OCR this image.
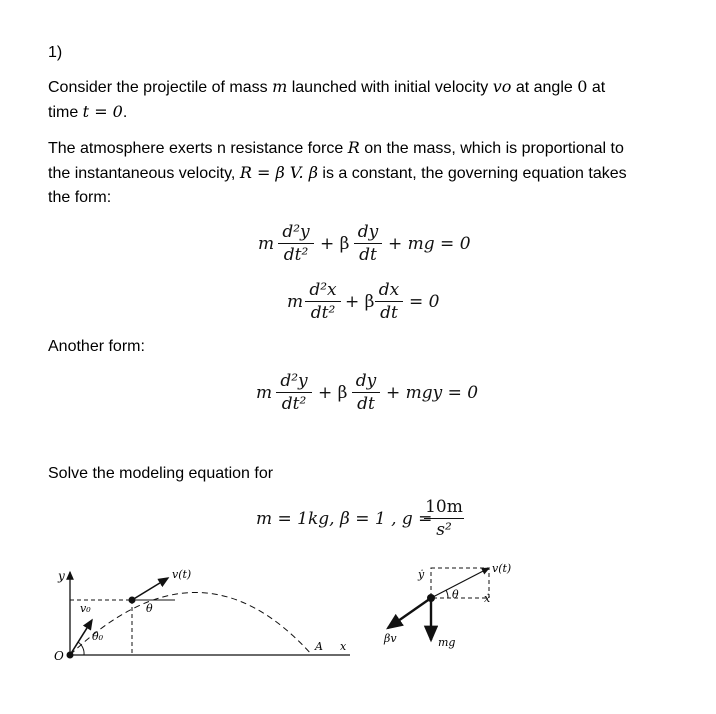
1)
Consider the projectile of mass m launched with initial velocity vo at angle 0 at
time t = 0.
The atmosphere exerts n resistance force R on the mass, which is proportional to
the instantaneous velocity, R = β V. β is a constant, the governing equation takes
the form:
m
d²y
dt²
+ β
dy
dt
+ mg = 0
m
d²x
dt²
+ β
dx
dt
= 0
Another form:
m
d²y
dt²
+ β
dy
dt
+ mgy = 0
Solve the modeling equation for
m = 1kg, β = 1 , g =
10m
s²
y
O
v₀
θ₀
θ
v(t)
A x
ẏ	v(t)
θ ẋ
βv	mg
